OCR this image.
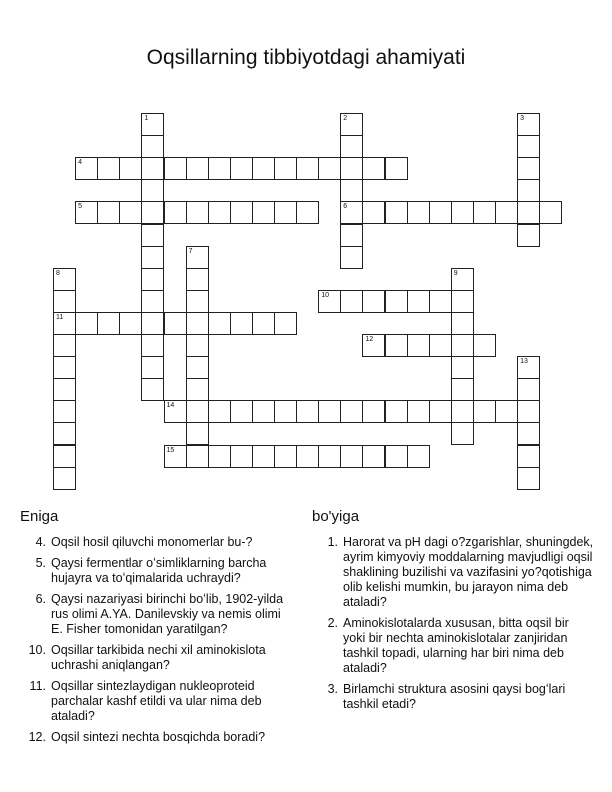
Oqsillarning tibbiyotdagi ahamiyati
1	2
6
3
4
5
7
8
11
9
10
12
13
14
15
Eniga
4. Oqsil hosil qiluvchi monomerlar bu-?
5. Qaysi fermentlar oʻsimliklarning barcha hujayra va toʻqimalarida uchraydi?
6. Qaysi nazariyasi birinchi boʻlib, 1902-yilda rus olimi A.YA. Danilevskiy va nemis olimi E. Fisher tomonidan yaratilgan?
10. Oqsillar tarkibida nechi xil aminokislota uchrashi aniqlangan?
11. Oqsillar sintezlaydigan nukleoproteid parchalar kashf etildi va ular nima deb ataladi?
12. Oqsil sintezi nechta bosqichda boradi?
bo'yiga
1. Harorat va pH dagi o?zgarishlar, shuningdek, ayrim kimyoviy moddalarning mavjudligi oqsil shaklining buzilishi va vazifasini yo?qotishiga olib kelishi mumkin, bu jarayon nima deb ataladi?
2. Aminokislotalarda xususan, bitta oqsil bir yoki bir nechta aminokislotalar zanjiridan tashkil topadi, ularning har biri nima deb ataladi?
3. Birlamchi struktura asosini qaysi bogʻlari tashkil etadi?
